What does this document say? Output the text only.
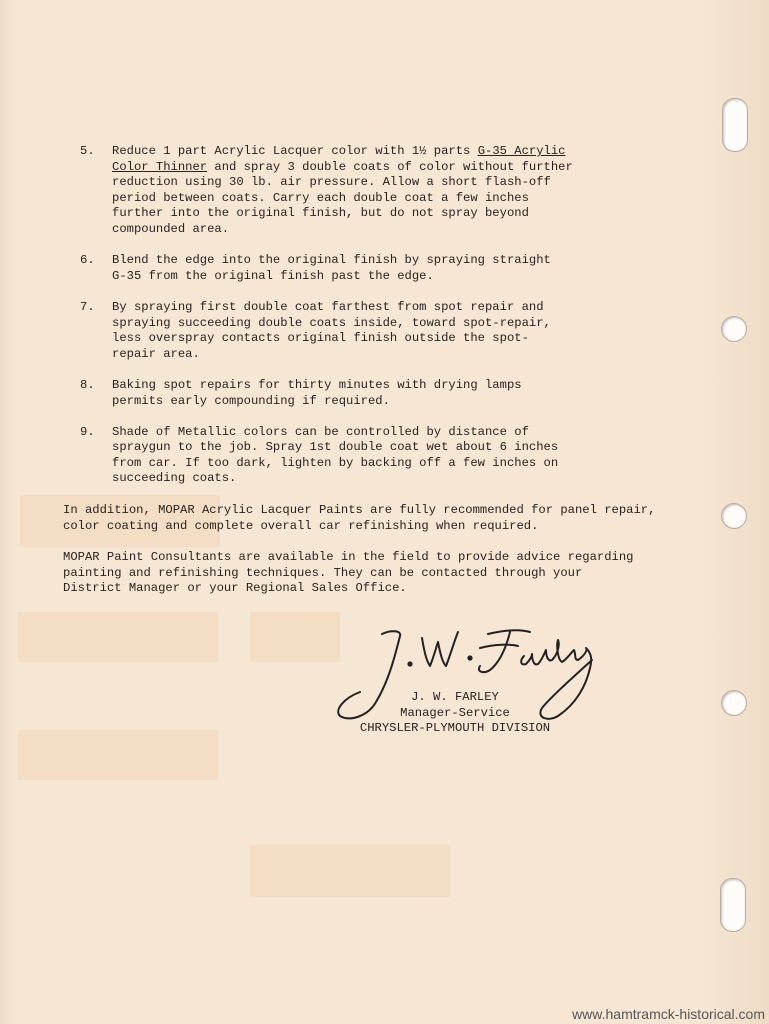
5. Reduce 1 part Acrylic Lacquer color with 1½ parts G-35 Acrylic
Color Thinner and spray 3 double coats of color without further
reduction using 30 lb. air pressure. Allow a short flash-off
period between coats. Carry each double coat a few inches
further into the original finish, but do not spray beyond
compounded area.
6. Blend the edge into the original finish by spraying straight
G-35 from the original finish past the edge.
7. By spraying first double coat farthest from spot repair and
spraying succeeding double coats inside, toward spot-repair,
less overspray contacts original finish outside the spot-
repair area.
8. Baking spot repairs for thirty minutes with drying lamps
permits early compounding if required.
9. Shade of Metallic colors can be controlled by distance of
spraygun to the job. Spray 1st double coat wet about 6 inches
from car. If too dark, lighten by backing off a few inches on
succeeding coats.
In addition, MOPAR Acrylic Lacquer Paints are fully recommended for panel repair,
color coating and complete overall car refinishing when required.
MOPAR Paint Consultants are available in the field to provide advice regarding
painting and refinishing techniques. They can be contacted through your
District Manager or your Regional Sales Office.
J. W. FARLEY
Manager-Service
CHRYSLER-PLYMOUTH DIVISION
www.hamtramck-historical.com
